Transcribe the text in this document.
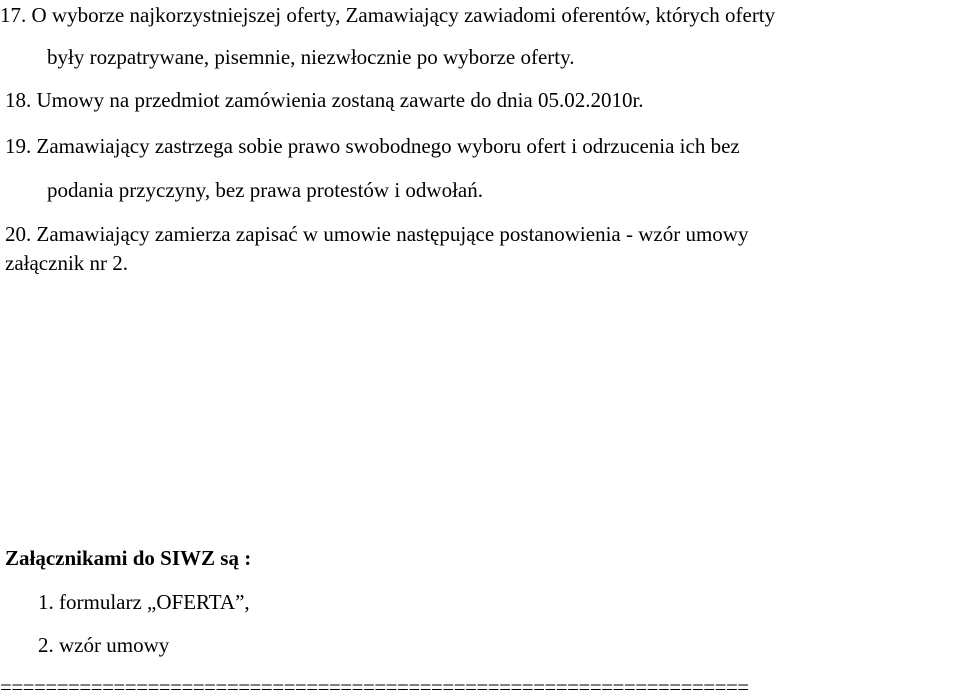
17. O wyborze najkorzystniejszej oferty, Zamawiający zawiadomi oferentów, których oferty
były rozpatrywane, pisemnie, niezwłocznie po wyborze oferty.
18. Umowy na przedmiot zamówienia zostaną zawarte do dnia 05.02.2010r.
19. Zamawiający zastrzega sobie prawo swobodnego wyboru ofert i odrzucenia ich bez
podania przyczyny, bez prawa protestów i odwołań.
20. Zamawiający zamierza zapisać w umowie następujące postanowienia - wzór umowy
załącznik nr 2.
Załącznikami do SIWZ są :
1. formularz „OFERTA”,
2. wzór umowy
==================================================================
